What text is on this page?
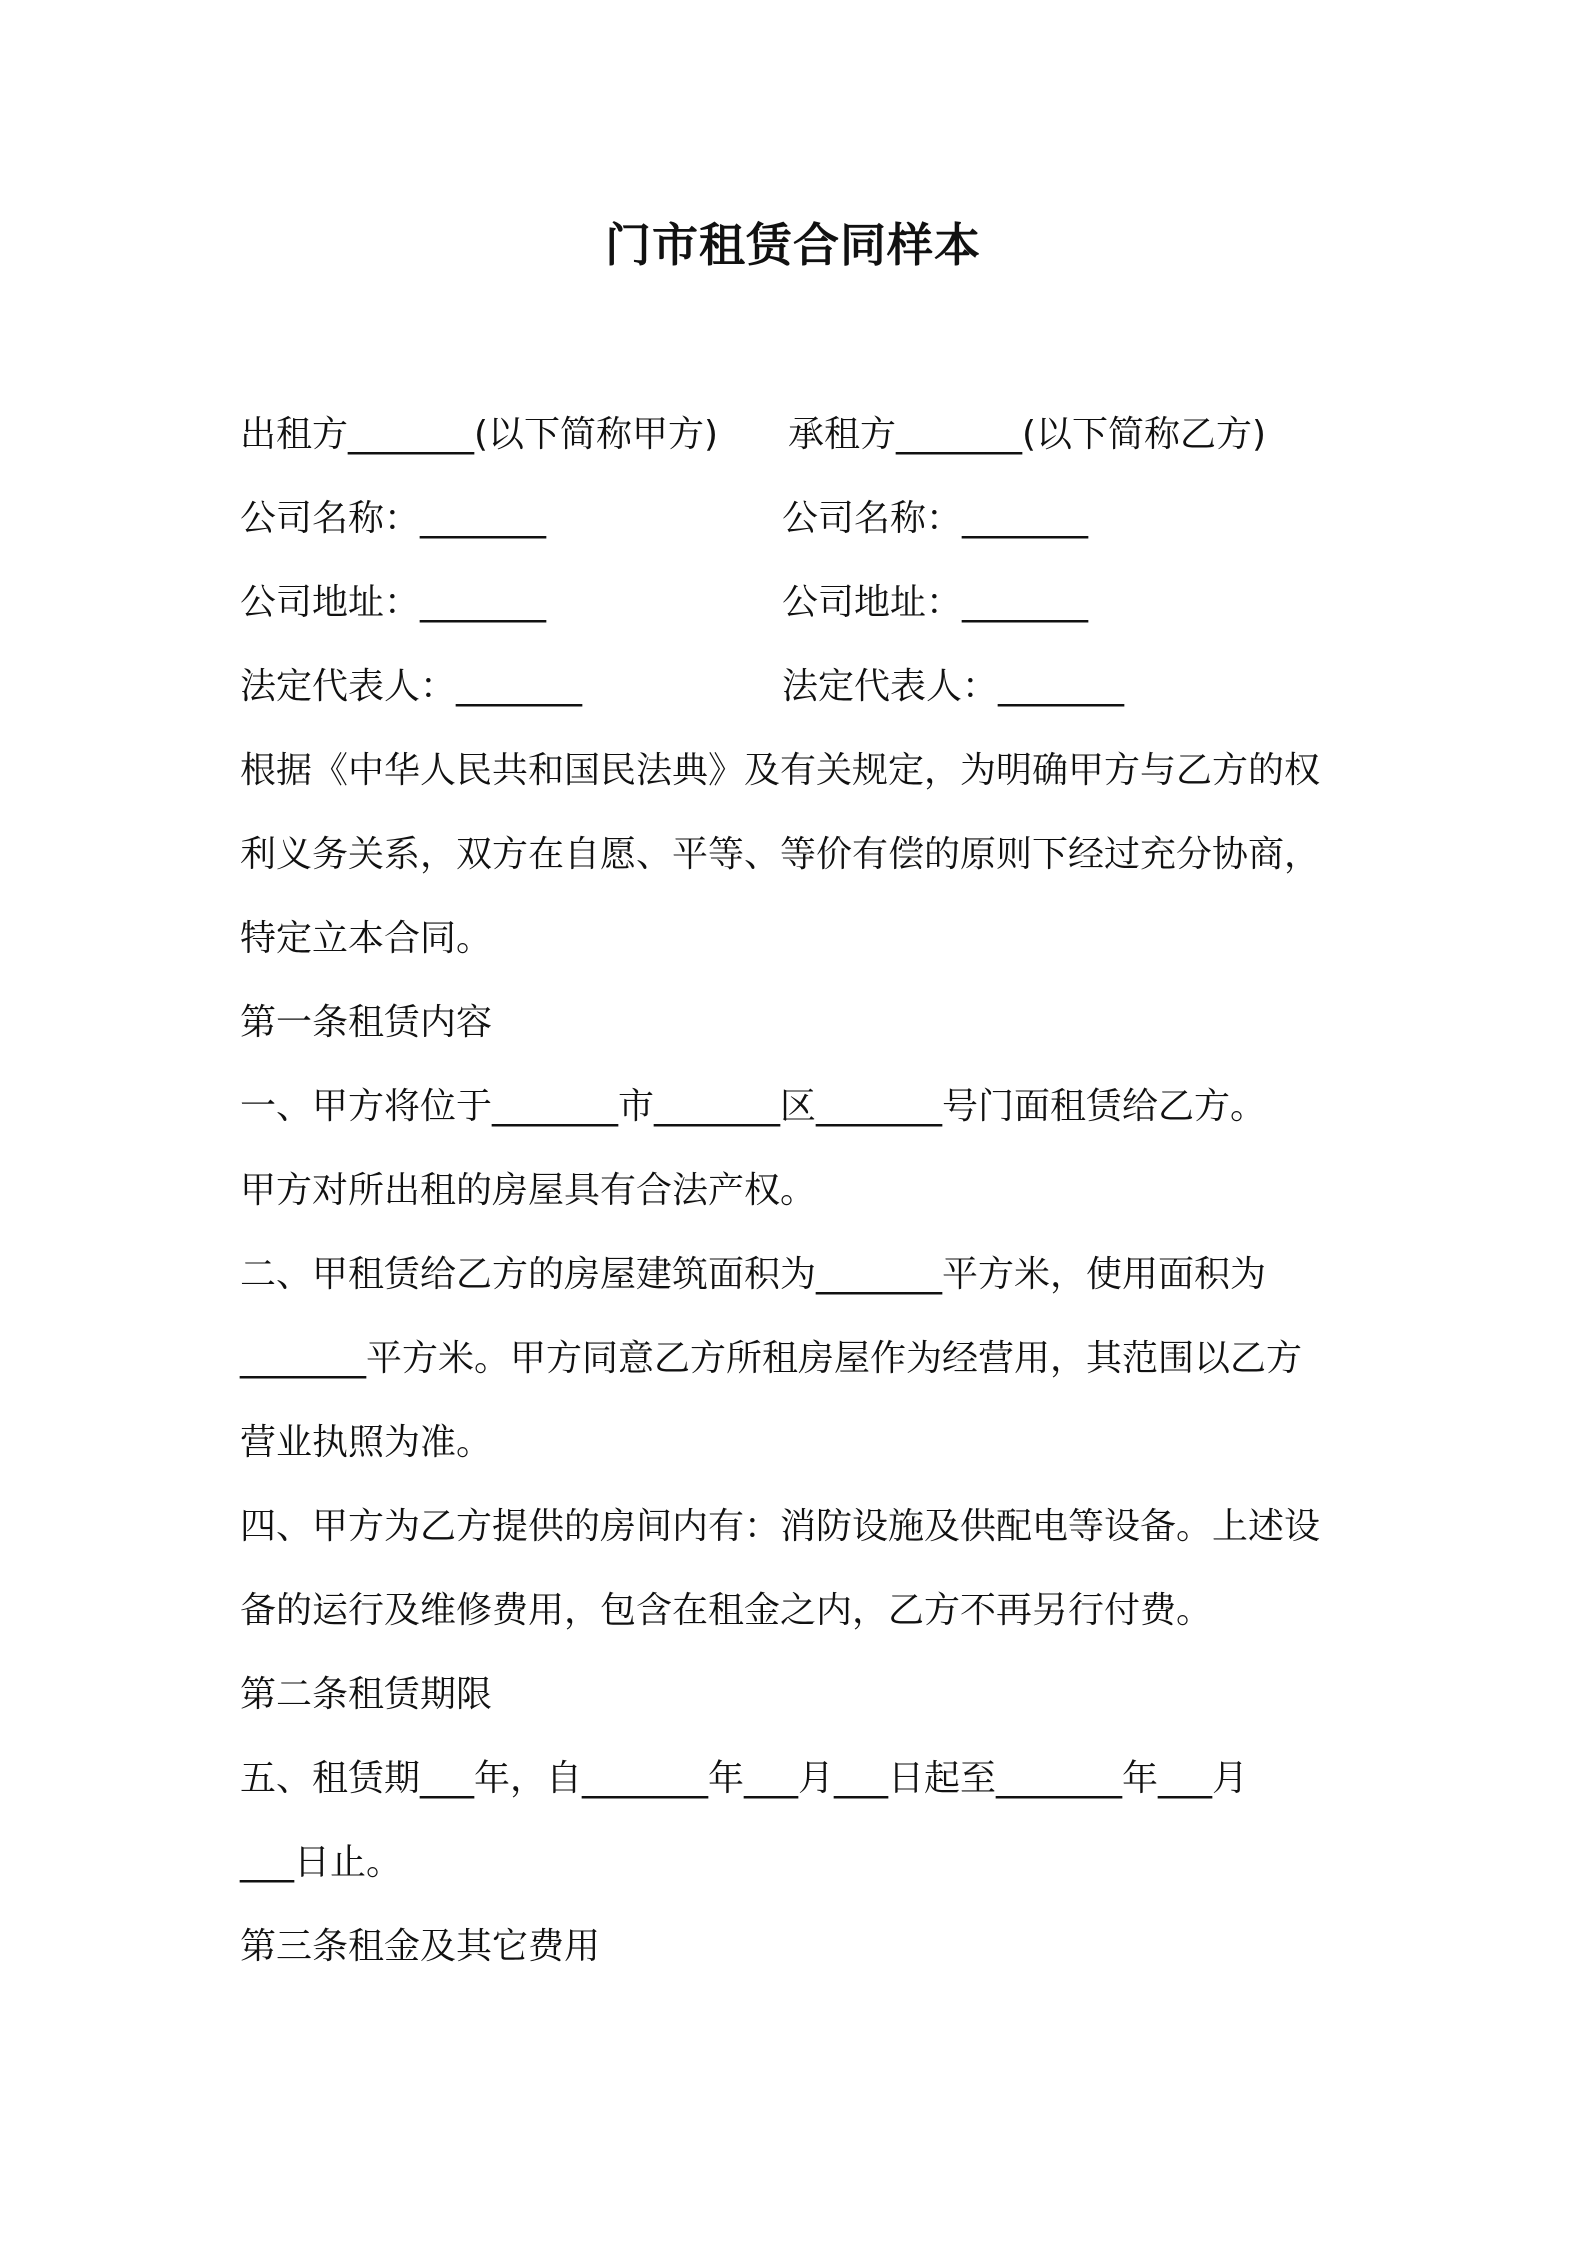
门市租赁合同样本
出租方_______(以下简称甲方) 承租方_______(以下简称乙方)
公司名称：_______	公司名称：_______
公司地址：_______	公司地址：_______
法定代表人：_______	法定代表人：_______
根据《中华人民共和国民法典》及有关规定，为明确甲方与乙方的权
利义务关系，双方在自愿、平等、等价有偿的原则下经过充分协商，
特定立本合同。
第一条租赁内容
一、甲方将位于_______市_______区_______号门面租赁给乙方。
甲方对所出租的房屋具有合法产权。
二、甲租赁给乙方的房屋建筑面积为_______平方米，使用面积为
_______平方米。甲方同意乙方所租房屋作为经营用，其范围以乙方
营业执照为准。
四、甲方为乙方提供的房间内有：消防设施及供配电等设备。上述设
备的运行及维修费用，包含在租金之内，乙方不再另行付费。
第二条租赁期限
五、租赁期___年，自_______年___月___日起至_______年___月
___日止。
第三条租金及其它费用
